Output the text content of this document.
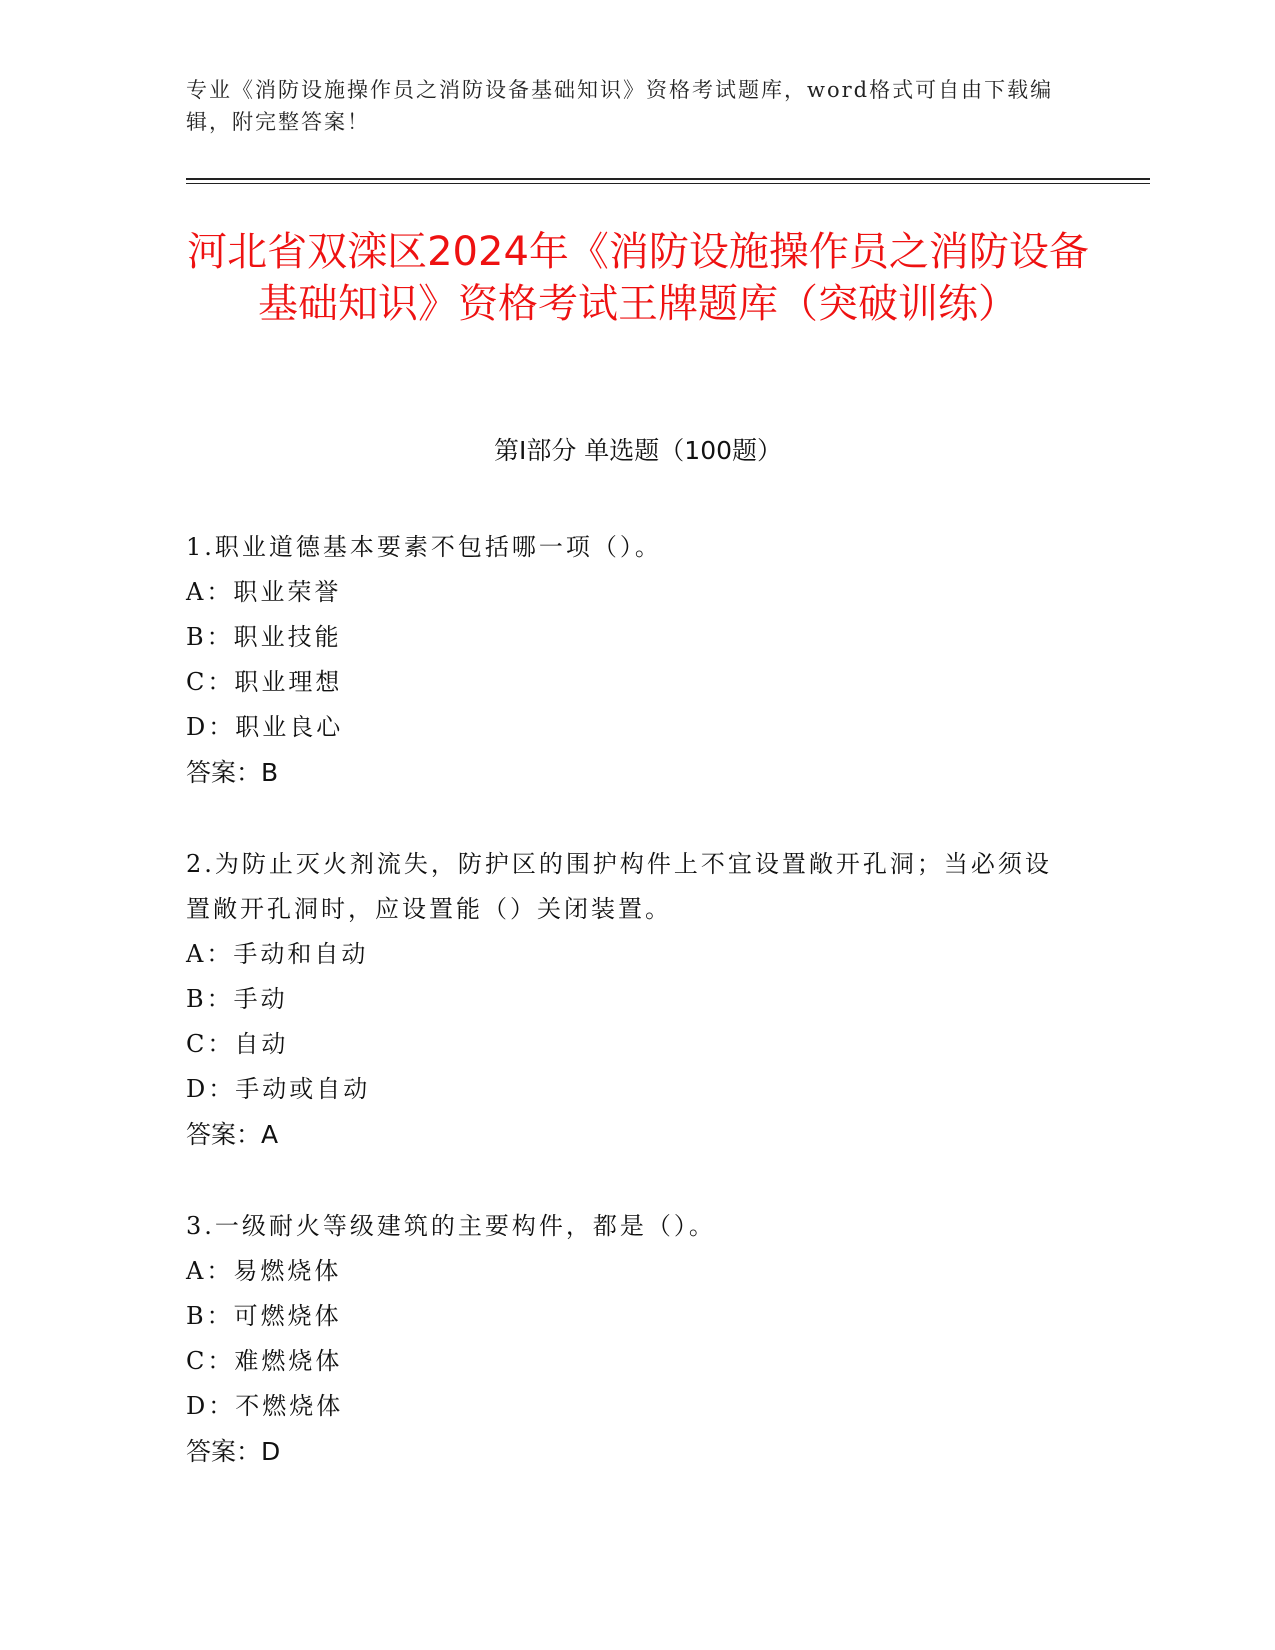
专业《消防设施操作员之消防设备基础知识》资格考试题库，word格式可自由下载编辑，附完整答案！

河北省双滦区2024年《消防设施操作员之消防设备基础知识》资格考试王牌题库（突破训练）
第Ⅰ部分 单选题（100题）

1.职业道德基本要素不包括哪一项（）。

A：职业荣誉

B：职业技能

C：职业理想

D：职业良心

答案：B

2.为防止灭火剂流失，防护区的围护构件上不宜设置敞开孔洞；当必须设置敞开孔洞时，应设置能（）关闭装置。

A：手动和自动

B：手动

C：自动

D：手动或自动

答案：A

3.一级耐火等级建筑的主要构件，都是（）。

A：易燃烧体

B：可燃烧体

C：难燃烧体

D：不燃烧体

答案：D
